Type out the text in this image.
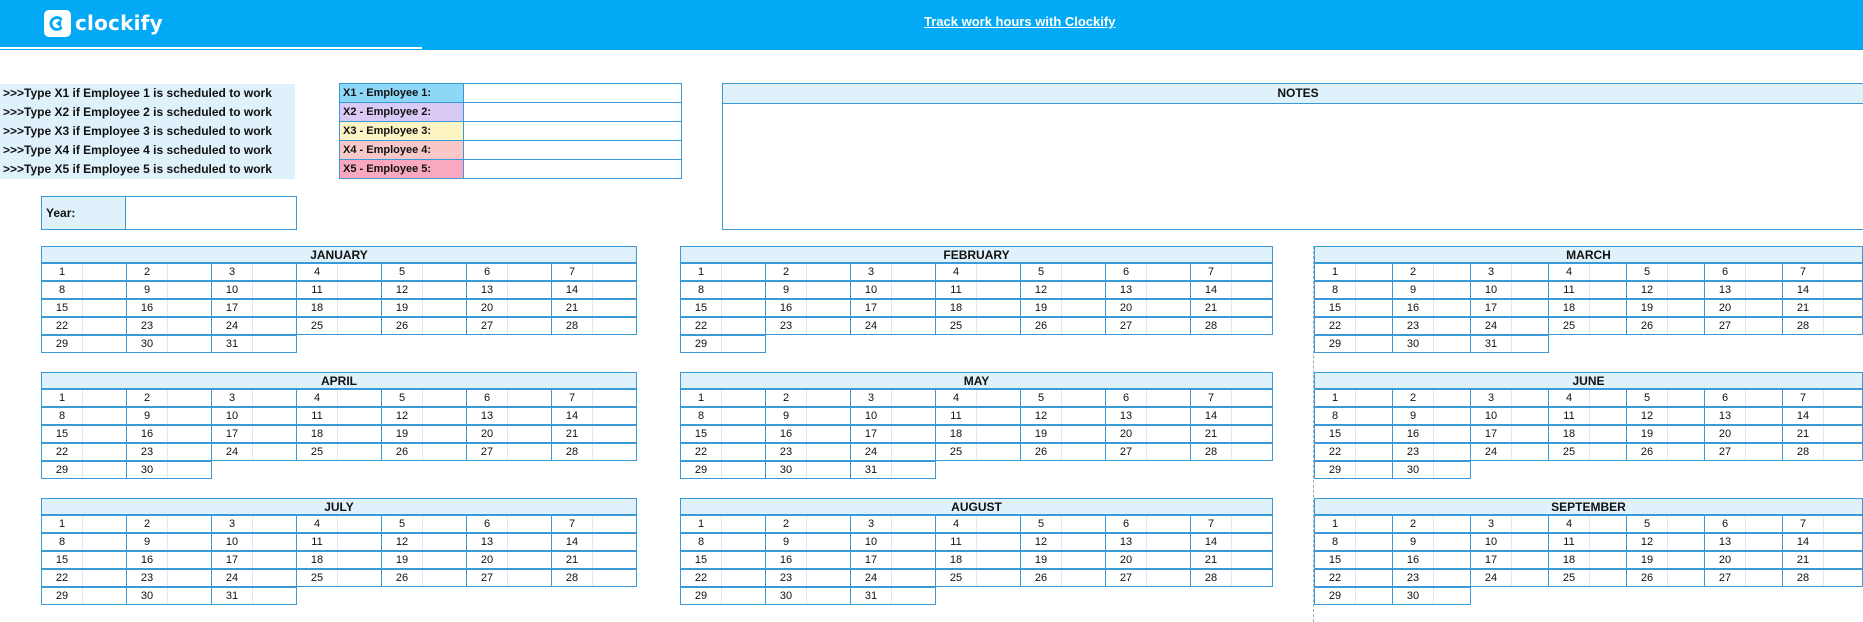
clockify	Track work hours with Clockify
>>>Type X1 if Employee 1 is scheduled to work
>>>Type X2 if Employee 2 is scheduled to work
>>>Type X3 if Employee 3 is scheduled to work
>>>Type X4 if Employee 4 is scheduled to work
>>>Type X5 if Employee 5 is scheduled to work
X1 - Employee 1:
X2 - Employee 2:
X3 - Employee 3:
X4 - Employee 4:
X5 - Employee 5:
NOTES
Year:
JANUARY
1	2	3	4	5	6	7
8	9	10	11	12	13	14
15	16	17	18	19	20	21
22	23	24	25	26	27	28
29	30	31
FEBRUARY
1	2	3	4	5	6	7
8	9	10	11	12	13	14
15	16	17	18	19	20	21
22	23	24	25	26	27	28
29
MARCH
1	2	3	4	5	6	7
8	9	10	11	12	13	14
15	16	17	18	19	20	21
22	23	24	25	26	27	28
29	30	31
APRIL
1	2	3	4	5	6	7
8	9	10	11	12	13	14
15	16	17	18	19	20	21
22	23	24	25	26	27	28
29	30
MAY
1	2	3	4	5	6	7
8	9	10	11	12	13	14
15	16	17	18	19	20	21
22	23	24	25	26	27	28
29	30	31
JUNE
1	2	3	4	5	6	7
8	9	10	11	12	13	14
15	16	17	18	19	20	21
22	23	24	25	26	27	28
29	30
JULY
1	2	3	4	5	6	7
8	9	10	11	12	13	14
15	16	17	18	19	20	21
22	23	24	25	26	27	28
29	30	31
AUGUST
1	2	3	4	5	6	7
8	9	10	11	12	13	14
15	16	17	18	19	20	21
22	23	24	25	26	27	28
29	30	31
SEPTEMBER
1	2	3	4	5	6	7
8	9	10	11	12	13	14
15	16	17	18	19	20	21
22	23	24	25	26	27	28
29	30
